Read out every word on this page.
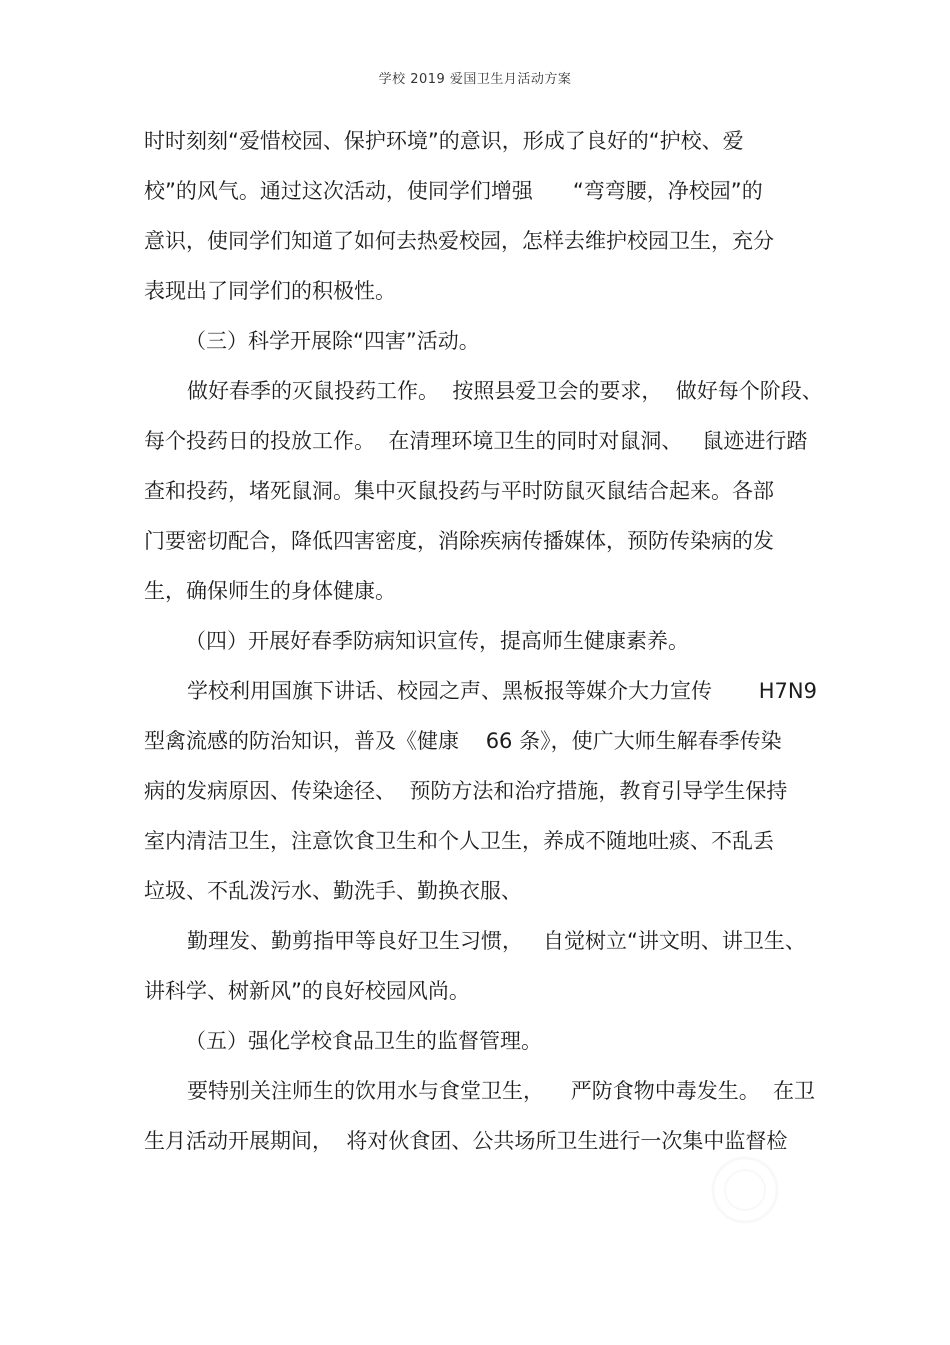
学校 2019 爱国卫生月活动方案
时时刻刻“爱惜校园、保护环境”的意识，形成了良好的“护校、爱
校”的风气。通过这次活动，使同学们增强      “弯弯腰，净校园”的
意识，使同学们知道了如何去热爱校园，怎样去维护校园卫生，充分
表现出了同学们的积极性。
（三）科学开展除“四害”活动。
做好春季的灭鼠投药工作。  按照县爱卫会的要求，  做好每个阶段、
每个投药日的投放工作。  在清理环境卫生的同时对鼠洞、   鼠迹进行踏
查和投药，堵死鼠洞。集中灭鼠投药与平时防鼠灭鼠结合起来。各部
门要密切配合，降低四害密度，消除疾病传播媒体，预防传染病的发
生，确保师生的身体健康。
（四）开展好春季防病知识宣传，提高师生健康素养。
学校利用国旗下讲话、校园之声、黑板报等媒介大力宣传       H7N9
型禽流感的防治知识，普及《健康    66 条》，使广大师生解春季传染
病的发病原因、传染途径、  预防方法和治疗措施，教育引导学生保持
室内清洁卫生，注意饮食卫生和个人卫生，养成不随地吐痰、不乱丢
垃圾、不乱泼污水、勤洗手、勤换衣服、
勤理发、勤剪指甲等良好卫生习惯，   自觉树立“讲文明、讲卫生、
讲科学、树新风”的良好校园风尚。
（五）强化学校食品卫生的监督管理。
要特别关注师生的饮用水与食堂卫生，    严防食物中毒发生。  在卫
生月活动开展期间，  将对伙食团、公共场所卫生进行一次集中监督检
